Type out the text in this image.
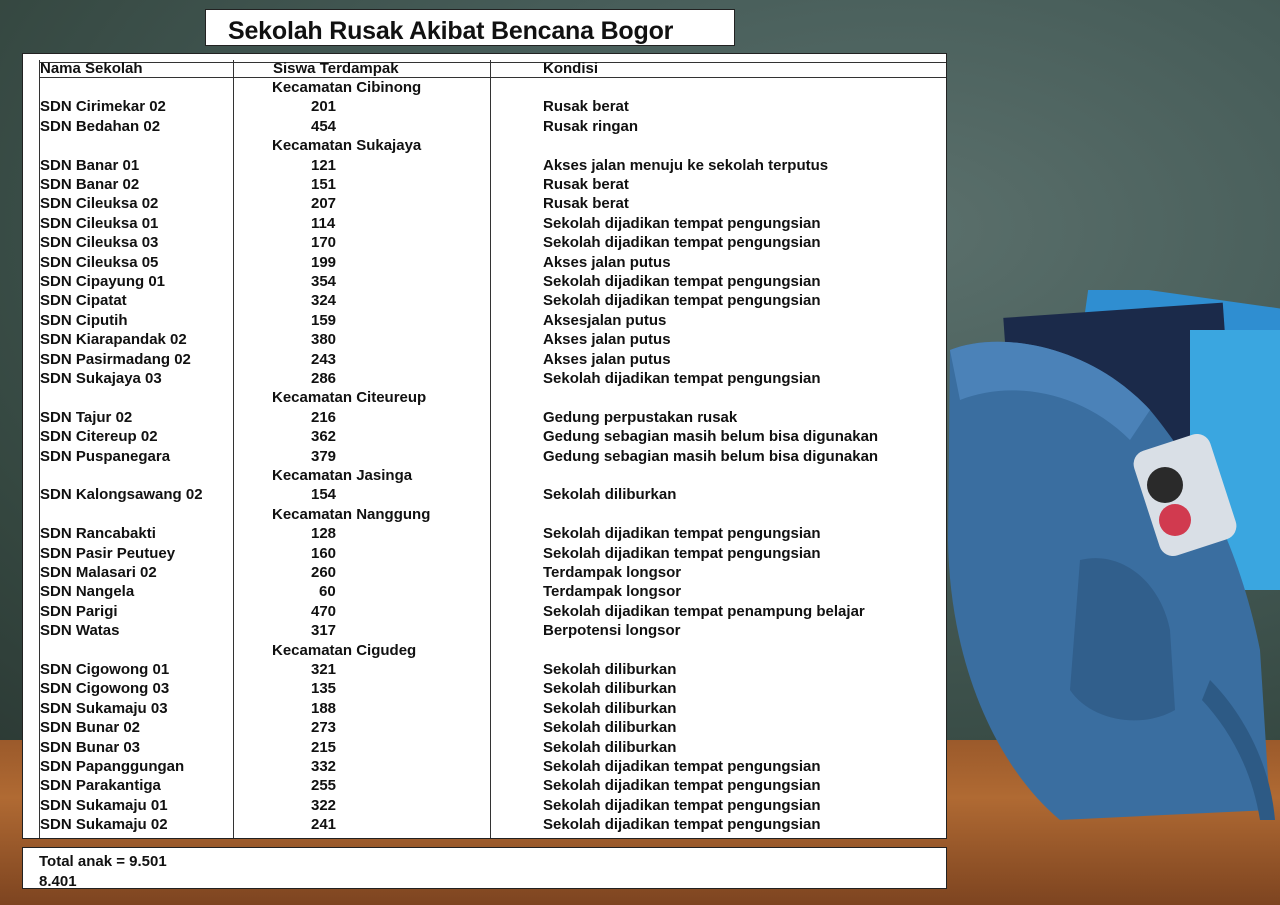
Sekolah Rusak Akibat Bencana Bogor
Nama Sekolah	Siswa Terdampak	Kondisi
Kecamatan Cibinong
SDN Cirimekar 02	201	Rusak berat
SDN Bedahan 02	454	Rusak ringan
Kecamatan Sukajaya
SDN Banar 01	121	Akses jalan menuju ke sekolah terputus
SDN Banar 02	151	Rusak berat
SDN Cileuksa 02	207	Rusak berat
SDN Cileuksa 01	114	Sekolah dijadikan tempat pengungsian
SDN Cileuksa 03	170	Sekolah dijadikan tempat pengungsian
SDN Cileuksa 05	199	Akses jalan putus
SDN Cipayung 01	354	Sekolah dijadikan tempat pengungsian
SDN Cipatat	324	Sekolah dijadikan tempat pengungsian
SDN Ciputih	159	Aksesjalan putus
SDN Kiarapandak 02	380	Akses jalan putus
SDN Pasirmadang 02	243	Akses jalan putus
SDN Sukajaya 03	286	Sekolah dijadikan tempat pengungsian
Kecamatan Citeureup
SDN Tajur 02	216	Gedung perpustakan rusak
SDN Citereup 02	362	Gedung sebagian masih belum bisa digunakan
SDN Puspanegara	379	Gedung sebagian masih belum bisa digunakan
Kecamatan Jasinga
SDN Kalongsawang 02	154	Sekolah diliburkan
Kecamatan Nanggung
SDN Rancabakti	128	Sekolah dijadikan tempat pengungsian
SDN Pasir Peutuey	160	Sekolah dijadikan tempat pengungsian
SDN Malasari 02	260	Terdampak longsor
SDN Nangela	60	Terdampak longsor
SDN Parigi	470	Sekolah dijadikan tempat penampung belajar
SDN Watas	317	Berpotensi longsor
Kecamatan Cigudeg
SDN Cigowong 01	321	Sekolah diliburkan
SDN Cigowong 03	135	Sekolah diliburkan
SDN Sukamaju 03	188	Sekolah diliburkan
SDN Bunar 02	273	Sekolah diliburkan
SDN Bunar 03	215	Sekolah diliburkan
SDN Papanggungan	332	Sekolah dijadikan tempat pengungsian
SDN Parakantiga	255	Sekolah dijadikan tempat pengungsian
SDN Sukamaju 01	322	Sekolah dijadikan tempat pengungsian
SDN Sukamaju 02	241	Sekolah dijadikan tempat pengungsian
Total anak = 9.501
8.401
